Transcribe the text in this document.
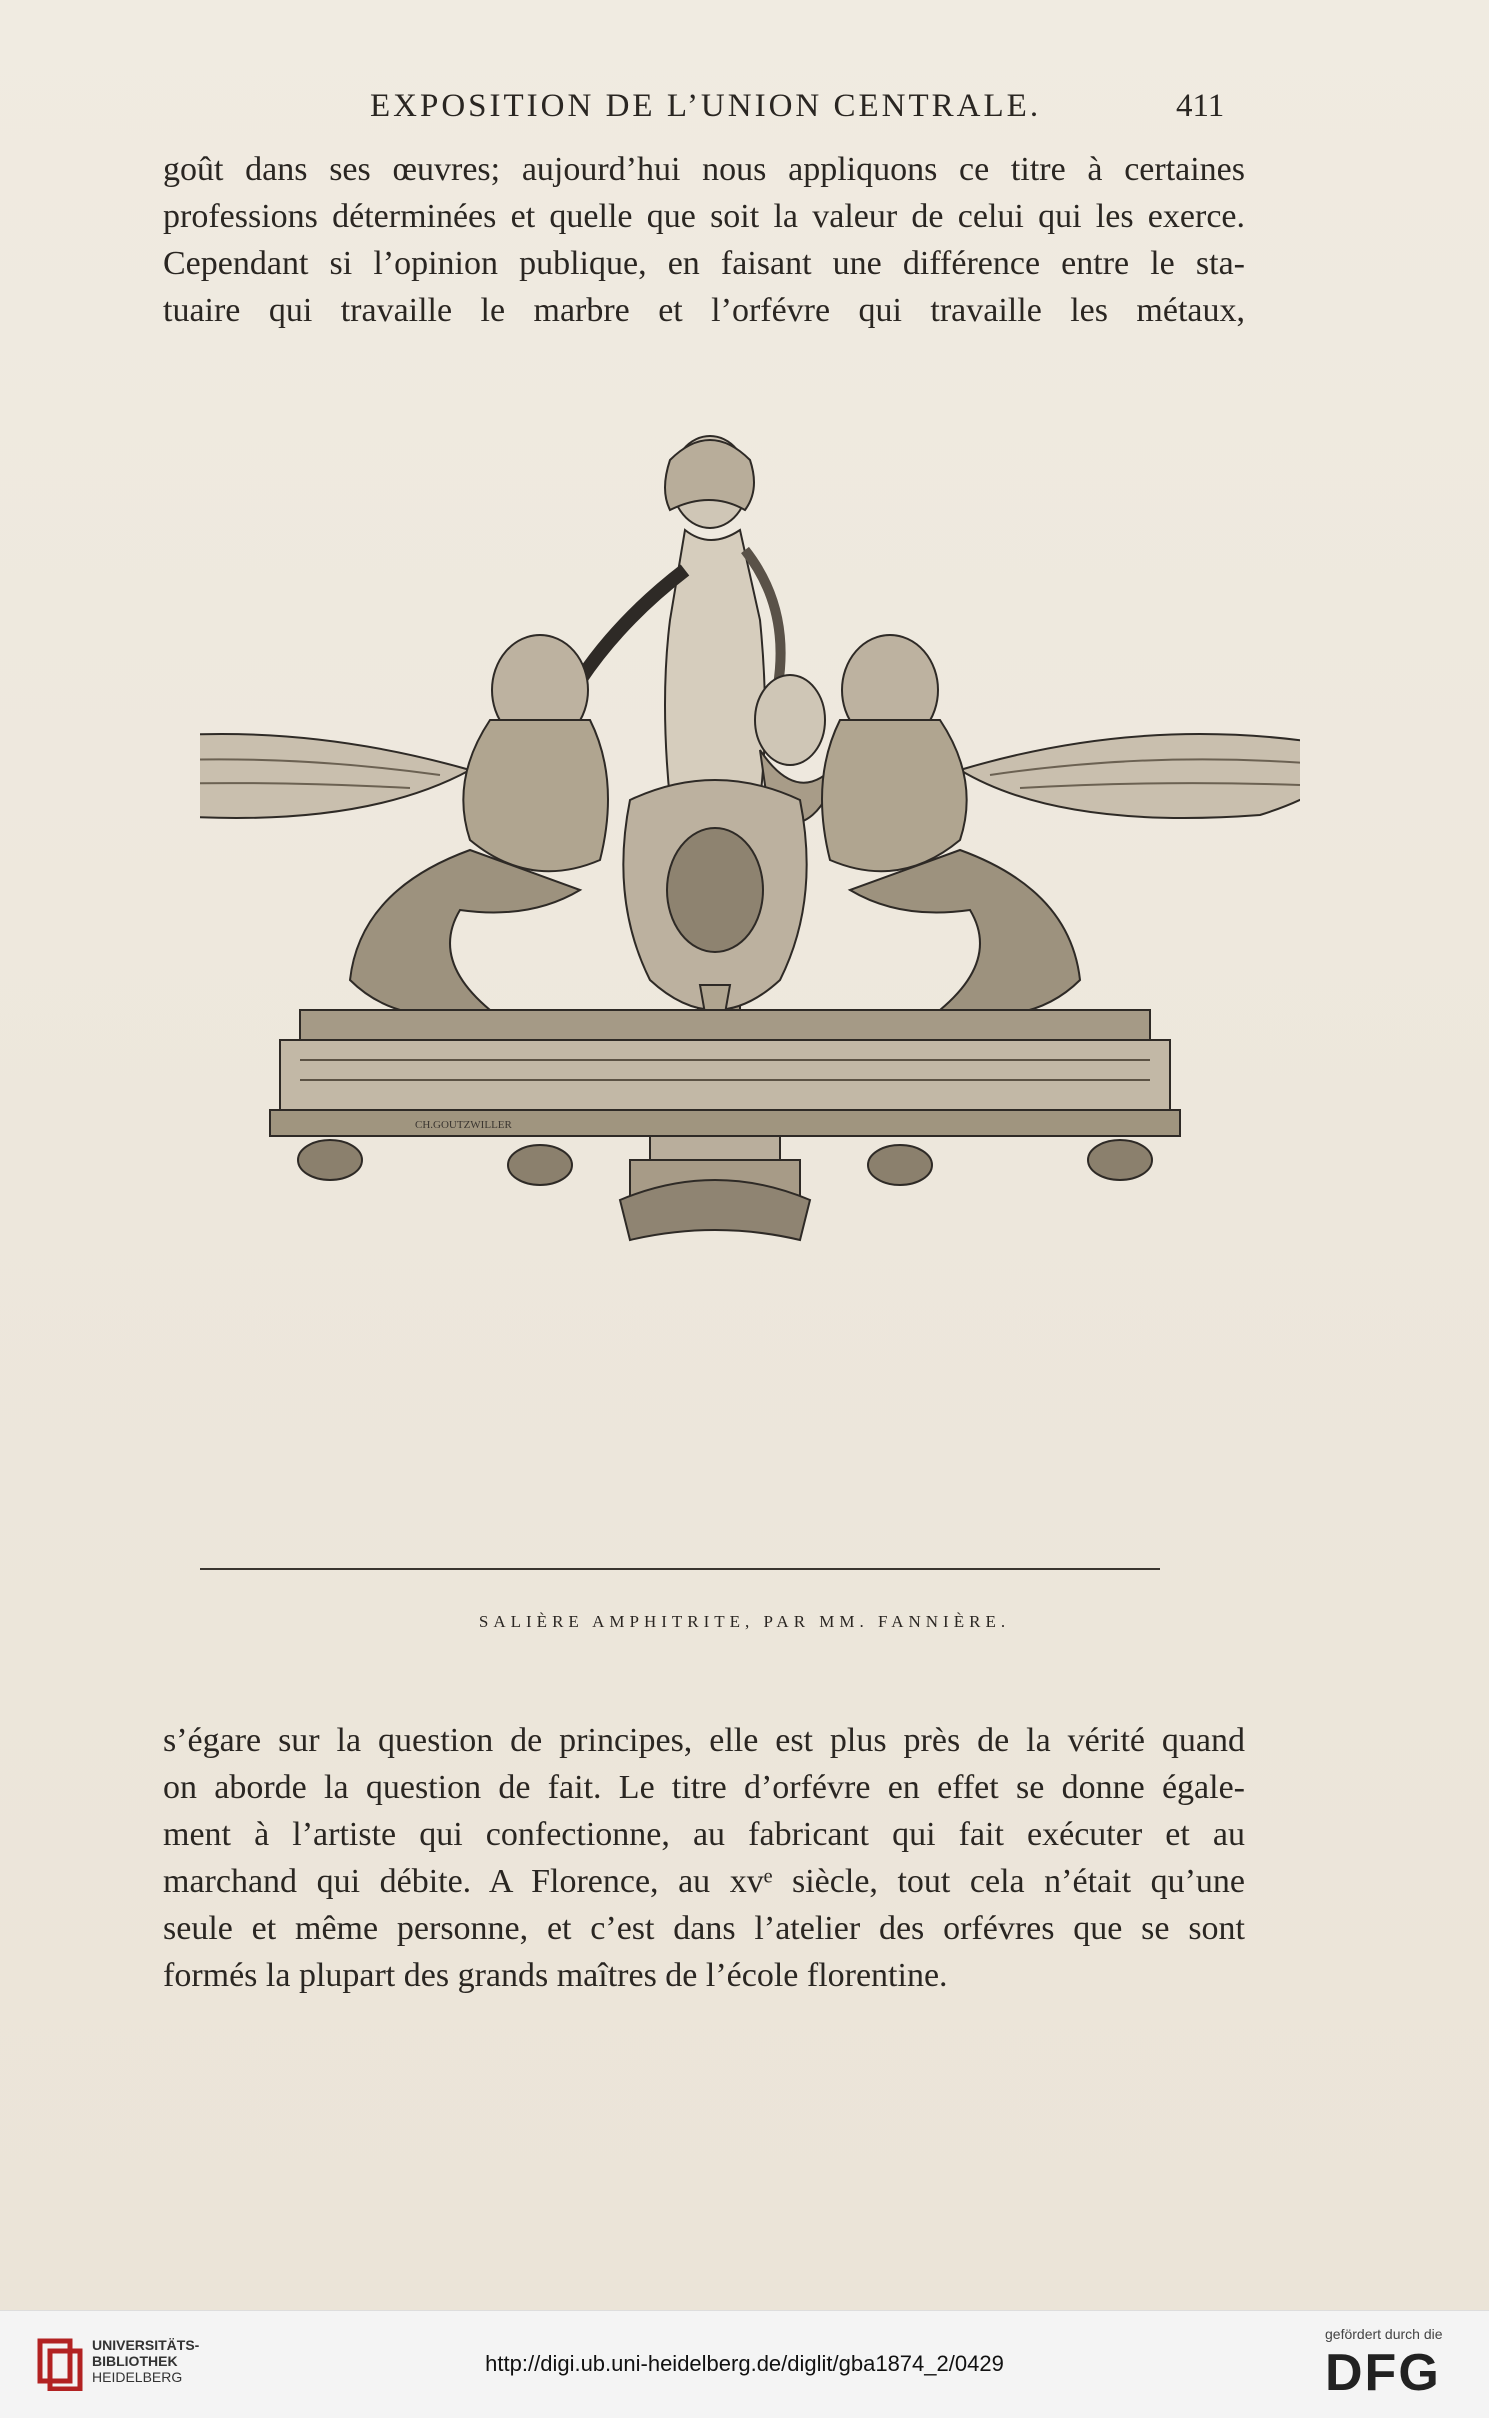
EXPOSITION DE L’UNION CENTRALE.	411
goût dans ses œuvres; aujourd’hui nous appliquons ce titre à certaines
professions déterminées et quelle que soit la valeur de celui qui les exerce.
Cependant si l’opinion publique, en faisant une différence entre le sta-
tuaire qui travaille le marbre et l’orfévre qui travaille les métaux,
CH.GOUTZWILLER
SALIÈRE AMPHITRITE, PAR MM. FANNIÈRE.
s’égare sur la question de principes, elle est plus près de la vérité quand
on aborde la question de fait. Le titre d’orfévre en effet se donne égale-
ment à l’artiste qui confectionne, au fabricant qui fait exécuter et au
marchand qui débite. A Florence, au xvᵉ siècle, tout cela n’était qu’une
seule et même personne, et c’est dans l’atelier des orfévres que se sont
formés la plupart des grands maîtres de l’école florentine.
UNIVERSITÄTS-
BIBLIOTHEK
HEIDELBERG
http://digi.ub.uni-heidelberg.de/diglit/gba1874_2/0429
gefördert durch die
DFG
